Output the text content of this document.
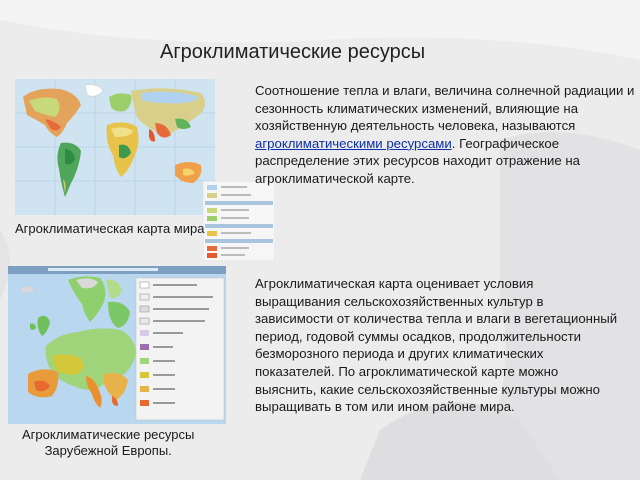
Агроклиматические ресурсы

Агроклиматическая карта мира

Соотношение тепла и влаги, величина солнечной радиации и сезонность климатических изменений, влияющие на хозяйственную деятельность человека, называются агроклиматическими ресурсами. Географическое распределение этих ресурсов находит отражение на агроклиматической карте.

Агроклиматические ресурсы
Зарубежной Европы.

Агроклиматическая карта оценивает условия выращивания сельскохозяйственных культур в зависимости от количества тепла и влаги в вегетационный период, годовой суммы осадков, продолжительности безморозного периода и других климатических показателей. По агроклиматической карте можно выяснить, какие сельскохозяйственные культуры можно выращивать в том или ином районе мира.
